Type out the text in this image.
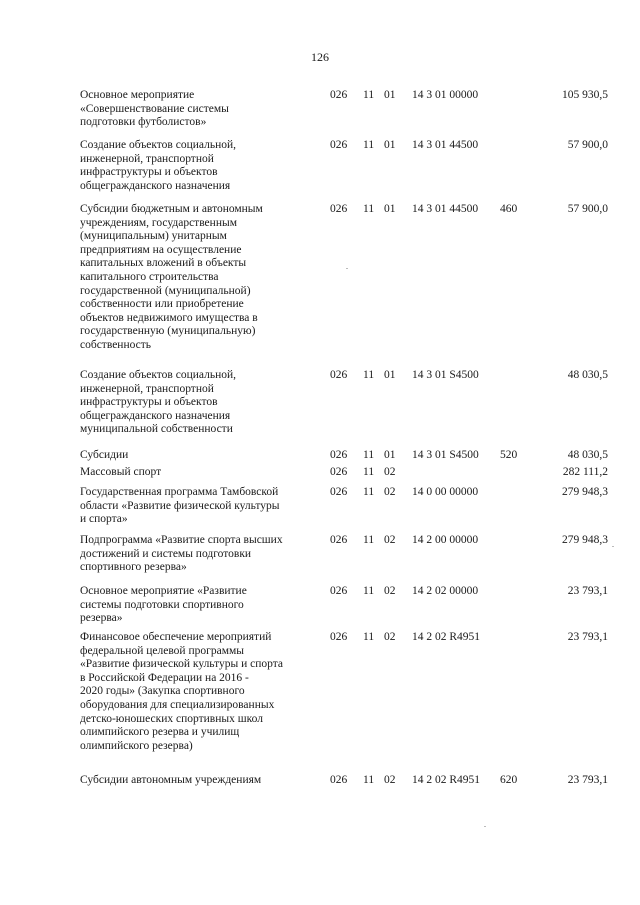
126
Основное мероприятие
«Совершенствование системы
подготовки футболистов»
026 11 01 14 3 01 00000	105 930,5
Создание объектов социальной,
инженерной, транспортной
инфраструктуры и объектов
общегражданского назначения
026 11 01 14 3 01 44500	57 900,0
Субсидии бюджетным и автономным
учреждениям, государственным
(муниципальным) унитарным
предприятиям на осуществление
капитальных вложений в объекты
капитального строительства
государственной (муниципальной)
собственности или приобретение
объектов недвижимого имущества в
государственную (муниципальную)
собственность
026 11 01 14 3 01 44500 460	57 900,0
Создание объектов социальной,
инженерной, транспортной
инфраструктуры и объектов
общегражданского назначения
муниципальной собственности
026 11 01 14 3 01 S4500	48 030,5
Субсидии	026 11 01 14 3 01 S4500 520	48 030,5
Массовый спорт	026 11 02	282 111,2
Государственная программа Тамбовской
области «Развитие физической культуры
и спорта»
026 11 02 14 0 00 00000	279 948,3
Подпрограмма «Развитие спорта высших
достижений и системы подготовки
спортивного резерва»
026 11 02 14 2 00 00000	279 948,3
Основное мероприятие «Развитие
системы подготовки спортивного
резерва»
026 11 02 14 2 02 00000	23 793,1
Финансовое обеспечение мероприятий
федеральной целевой программы
«Развитие физической культуры и спорта
в Российской Федерации на 2016 -
2020 годы» (Закупка спортивного
оборудования для специализированных
детско-юношеских спортивных школ
олимпийского резерва и училищ
олимпийского резерва)
026 11 02 14 2 02 R4951	23 793,1
Субсидии автономным учреждениям	026 11 02 14 2 02 R4951 620	23 793,1
